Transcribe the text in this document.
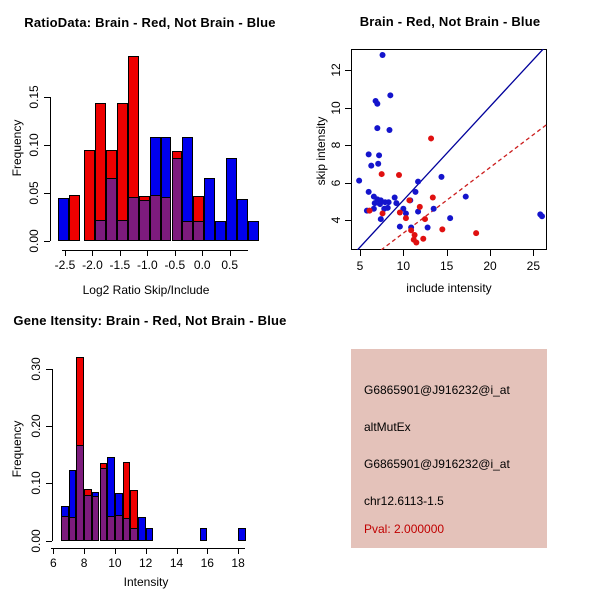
RatioData: Brain - Red, Not Brain - Blue
Frequency
Log2 Ratio Skip/Include
0.00
0.05
0.10
0.15
-2.5 -2.0 -1.5 -1.0 -0.5 0.0 0.5
Brain - Red, Not Brain - Blue
skip intensity
include intensity
4
6
8
10
12
5	10	15	20	25
Gene Itensity: Brain - Red, Not Brain - Blue
Frequency
Intensity
0.00
0.10
0.20
0.30
6	8	10	12	14	16	18
G6865901@J916232@i_at
altMutEx
G6865901@J916232@i_at
chr12.6113-1.5
Pval: 2.000000
